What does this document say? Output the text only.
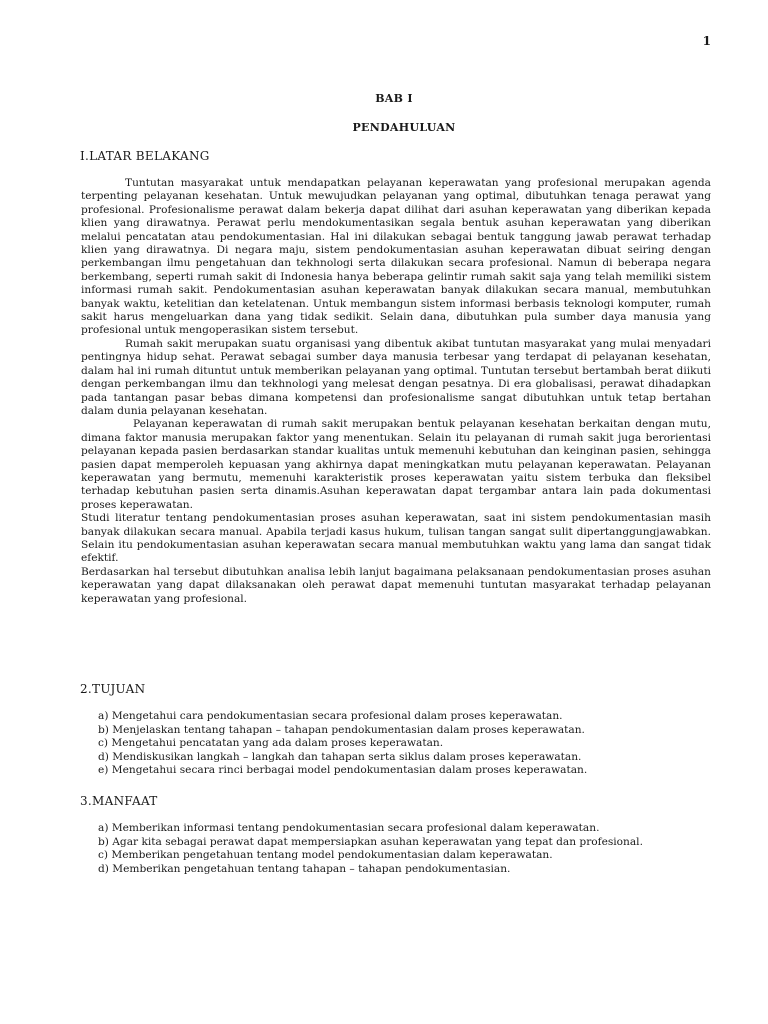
1
BAB I
PENDAHULUAN
I.LATAR BELAKANG

Tuntutan masyarakat untuk mendapatkan pelayanan keperawatan yang profesional merupakan agenda terpenting pelayanan kesehatan. Untuk mewujudkan pelayanan yang optimal, dibutuhkan tenaga perawat yang profesional. Profesionalisme perawat dalam bekerja dapat dilihat dari asuhan keperawatan yang diberikan kepada klien yang dirawatnya. Perawat perlu mendokumentasikan segala bentuk asuhan keperawatan yang diberikan melalui pencatatan atau pendokumentasian. Hal ini dilakukan sebagai bentuk tanggung jawab perawat terhadap klien yang dirawatnya. Di negara maju, sistem pendokumentasian asuhan keperawatan dibuat seiring dengan perkembangan ilmu pengetahuan dan tekhnologi serta dilakukan secara profesional. Namun di beberapa negara berkembang, seperti rumah sakit di Indonesia hanya beberapa gelintir rumah sakit saja yang telah memiliki sistem informasi rumah sakit. Pendokumentasian asuhan keperawatan banyak dilakukan secara manual, membutuhkan banyak waktu, ketelitian dan ketelatenan. Untuk membangun sistem informasi berbasis teknologi komputer, rumah sakit harus mengeluarkan dana yang tidak sedikit. Selain dana, dibutuhkan pula sumber daya manusia yang profesional untuk mengoperasikan sistem tersebut.

Rumah sakit merupakan suatu organisasi yang dibentuk akibat tuntutan masyarakat yang mulai menyadari pentingnya hidup sehat. Perawat sebagai sumber daya manusia terbesar yang terdapat di pelayanan kesehatan, dalam hal ini rumah dituntut untuk memberikan pelayanan yang optimal. Tuntutan tersebut bertambah berat diikuti dengan perkembangan ilmu dan tekhnologi yang melesat dengan pesatnya. Di era globalisasi, perawat dihadapkan pada tantangan pasar bebas dimana kompetensi dan profesionalisme sangat dibutuhkan untuk tetap bertahan dalam dunia pelayanan kesehatan.

Pelayanan keperawatan di rumah sakit merupakan bentuk pelayanan kesehatan berkaitan dengan mutu, dimana faktor manusia merupakan faktor yang menentukan. Selain itu pelayanan di rumah sakit juga berorientasi pelayanan kepada pasien berdasarkan standar kualitas untuk memenuhi kebutuhan dan keinginan pasien, sehingga pasien dapat memperoleh kepuasan yang akhirnya dapat meningkatkan mutu pelayanan keperawatan. Pelayanan keperawatan yang bermutu, memenuhi karakteristik proses keperawatan yaitu sistem terbuka dan fleksibel terhadap kebutuhan pasien serta dinamis.Asuhan keperawatan dapat tergambar antara lain pada dokumentasi proses keperawatan.

Studi literatur tentang pendokumentasian proses asuhan keperawatan, saat ini sistem pendokumentasian masih banyak dilakukan secara manual. Apabila terjadi kasus hukum, tulisan tangan sangat sulit dipertanggungjawabkan. Selain itu pendokumentasian asuhan keperawatan secara manual membutuhkan waktu yang lama dan sangat tidak efektif.

Berdasarkan hal tersebut dibutuhkan analisa lebih lanjut bagaimana pelaksanaan pendokumentasian proses asuhan keperawatan yang dapat dilaksanakan oleh perawat dapat memenuhi tuntutan masyarakat terhadap pelayanan keperawatan yang profesional.

2.TUJUAN
a) Mengetahui cara pendokumentasian secara profesional dalam proses keperawatan.
b) Menjelaskan tentang tahapan – tahapan pendokumentasian dalam proses keperawatan.
c) Mengetahui pencatatan yang ada dalam proses keperawatan.
d) Mendiskusikan langkah – langkah dan tahapan serta siklus dalam proses keperawatan.
e) Mengetahui secara rinci berbagai model pendokumentasian dalam proses keperawatan.
3.MANFAAT
a) Memberikan informasi tentang pendokumentasian secara profesional dalam keperawatan.
b) Agar kita sebagai perawat dapat mempersiapkan asuhan keperawatan yang tepat dan profesional.
c) Memberikan pengetahuan tentang model pendokumentasian dalam keperawatan.
d) Memberikan pengetahuan tentang tahapan – tahapan pendokumentasian.
